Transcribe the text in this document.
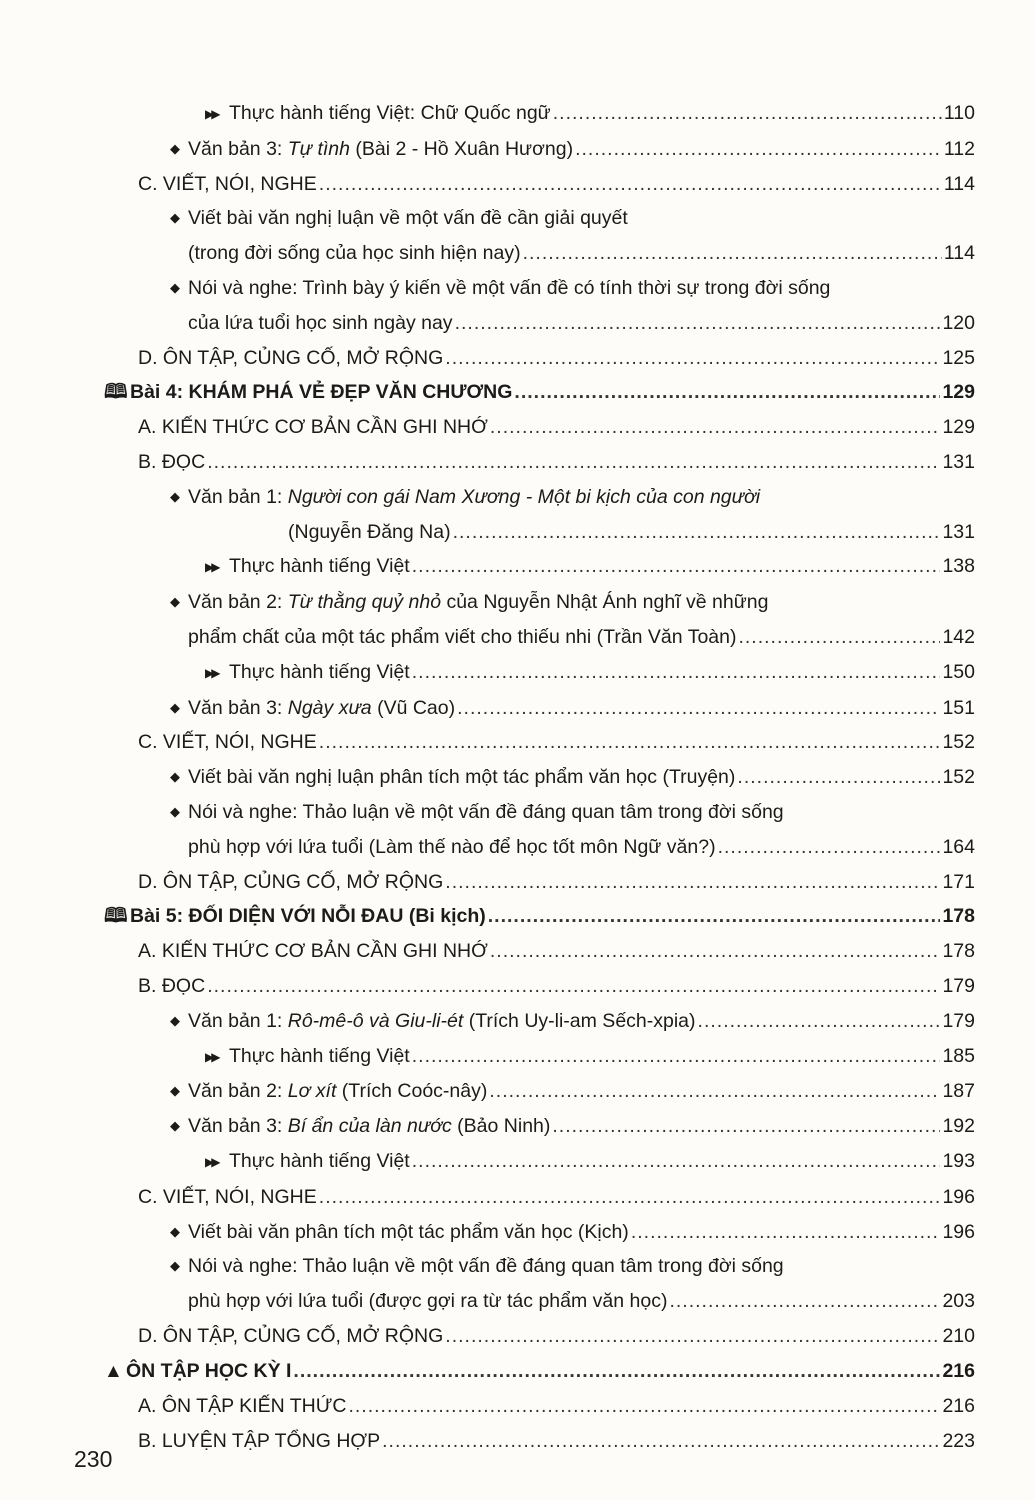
▶▶ Thực hành tiếng Việt: Chữ Quốc ngữ .....	110
◆ Văn bản 3: Tự tình (Bài 2 - Hồ Xuân Hương) .....	112
C. VIẾT, NÓI, NGHE .....	114
◆ Viết bài văn nghị luận về một vấn đề cần giải quyết
(trong đời sống của học sinh hiện nay) .....	114
◆ Nói và nghe: Trình bày ý kiến về một vấn đề có tính thời sự trong đời sống
của lứa tuổi học sinh ngày nay .....	120
D. ÔN TẬP, CỦNG CỐ, MỞ RỘNG .....	125
🕮 Bài 4: KHÁM PHÁ VẺ ĐẸP VĂN CHƯƠNG .....	129
A. KIẾN THỨC CƠ BẢN CẦN GHI NHỚ .....	129
B. ĐỌC .....	131
◆ Văn bản 1: Người con gái Nam Xương - Một bi kịch của con người
(Nguyễn Đăng Na) .....	131
▶▶ Thực hành tiếng Việt .....	138
◆ Văn bản 2: Từ thằng quỷ nhỏ của Nguyễn Nhật Ánh nghĩ về những
phẩm chất của một tác phẩm viết cho thiếu nhi (Trần Văn Toàn) .....	142
▶▶ Thực hành tiếng Việt .....	150
◆ Văn bản 3: Ngày xưa (Vũ Cao) .....	151
C. VIẾT, NÓI, NGHE .....	152
◆ Viết bài văn nghị luận phân tích một tác phẩm văn học (Truyện) .....	152
◆ Nói và nghe: Thảo luận về một vấn đề đáng quan tâm trong đời sống
phù hợp với lứa tuổi (Làm thế nào để học tốt môn Ngữ văn?) .....	164
D. ÔN TẬP, CỦNG CỐ, MỞ RỘNG .....	171
🕮 Bài 5: ĐỐI DIỆN VỚI NỖI ĐAU (Bi kịch) .....	178
A. KIẾN THỨC CƠ BẢN CẦN GHI NHỚ .....	178
B. ĐỌC .....	179
◆ Văn bản 1: Rô-mê-ô và Giu-li-ét (Trích Uy-li-am Sếch-xpia) .....	179
▶▶ Thực hành tiếng Việt .....	185
◆ Văn bản 2: Lơ xít (Trích Coóc-nây) .....	187
◆ Văn bản 3: Bí ẩn của làn nước (Bảo Ninh) .....	192
▶▶ Thực hành tiếng Việt .....	193
C. VIẾT, NÓI, NGHE .....	196
◆ Viết bài văn phân tích một tác phẩm văn học (Kịch) .....	196
◆ Nói và nghe: Thảo luận về một vấn đề đáng quan tâm trong đời sống
phù hợp với lứa tuổi (được gợi ra từ tác phẩm văn học) .....	203
D. ÔN TẬP, CỦNG CỐ, MỞ RỘNG .....	210
▲ ÔN TẬP HỌC KỲ I .....	216
A. ÔN TẬP KIẾN THỨC .....	216
B. LUYỆN TẬP TỔNG HỢP .....	223
230
